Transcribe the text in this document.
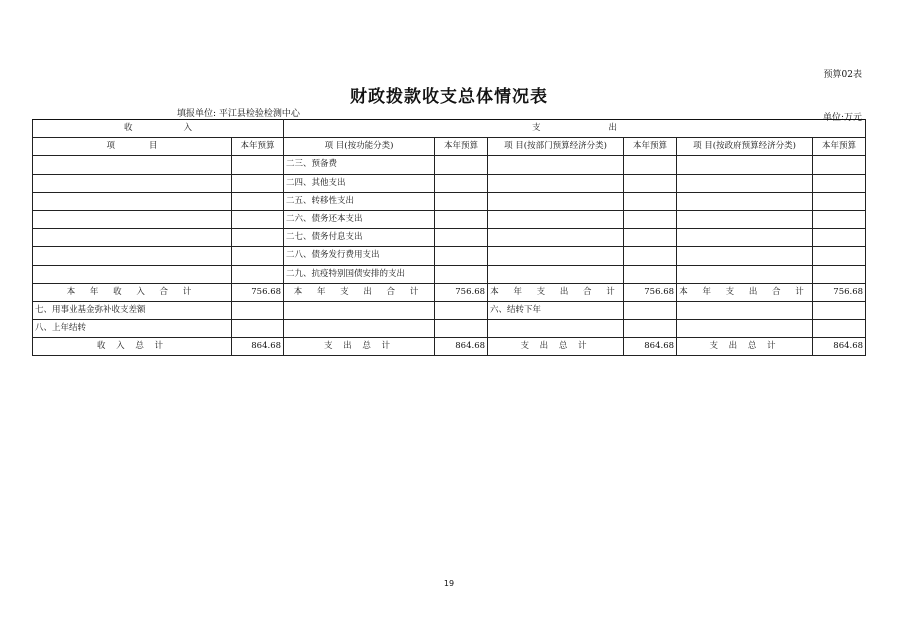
预算02表
财政拨款收支总体情况表
填报单位: 平江县检验检测中心	单位:万元
收　　　　　　入		支　　　　　　　　出					
项　　　　目	本年预算	项 目(按功能分类)	本年预算	项 目(按部门预算经济分类)	本年预算	项 目(按政府预算经济分类)	本年预算
		二三、预备费					
		二四、其他支出					
		二五、转移性支出					
		二六、债务还本支出					
		二七、债务付息支出					
		二八、债务发行费用支出					
		二九、抗疫特别国债安排的支出					
本 年 收 入 合 计	756.68	本 年 支 出 合 计	756.68	本 年 支 出 合 计	756.68	本 年 支 出 合 计	756.68
七、用事业基金弥补收支差额				六、结转下年			
八、上年结转							
收 入 总 计	864.68	支 出 总 计	864.68	支 出 总 计	864.68	支 出 总 计	864.68
19
